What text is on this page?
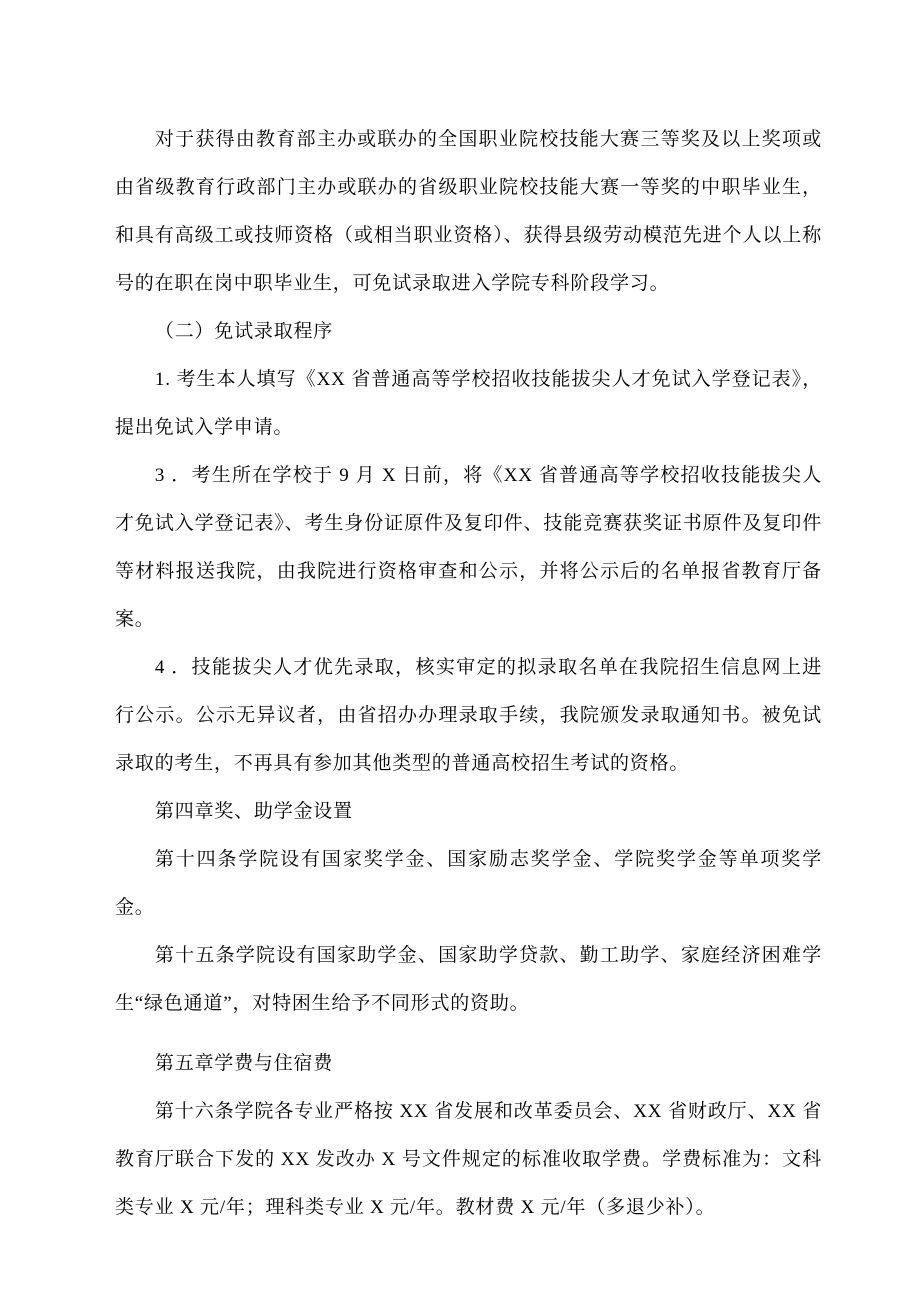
对于获得由教育部主办或联办的全国职业院校技能大赛三等奖及以上奖项或由省级教育行政部门主办或联办的省级职业院校技能大赛一等奖的中职毕业生，和具有高级工或技师资格（或相当职业资格）、获得县级劳动模范先进个人以上称号的在职在岗中职毕业生，可免试录取进入学院专科阶段学习。

（二）免试录取程序

1. 考生本人填写《XX 省普通高等学校招收技能拔尖人才免试入学登记表》，提出免试入学申请。

3 ．考生所在学校于 9 月 X 日前，将《XX 省普通高等学校招收技能拔尖人才免试入学登记表》、考生身份证原件及复印件、技能竞赛获奖证书原件及复印件等材料报送我院，由我院进行资格审查和公示，并将公示后的名单报省教育厅备案。

4 ．技能拔尖人才优先录取，核实审定的拟录取名单在我院招生信息网上进行公示。公示无异议者，由省招办办理录取手续，我院颁发录取通知书。被免试录取的考生，不再具有参加其他类型的普通高校招生考试的资格。

第四章奖、助学金设置

第十四条学院设有国家奖学金、国家励志奖学金、学院奖学金等单项奖学金。

第十五条学院设有国家助学金、国家助学贷款、勤工助学、家庭经济困难学生“绿色通道”，对特困生给予不同形式的资助。

第五章学费与住宿费

第十六条学院各专业严格按 XX 省发展和改革委员会、XX 省财政厅、XX 省教育厅联合下发的 XX 发改办 X 号文件规定的标准收取学费。学费标准为：文科类专业 X 元/年；理科类专业 X 元/年。教材费 X 元/年（多退少补）。
